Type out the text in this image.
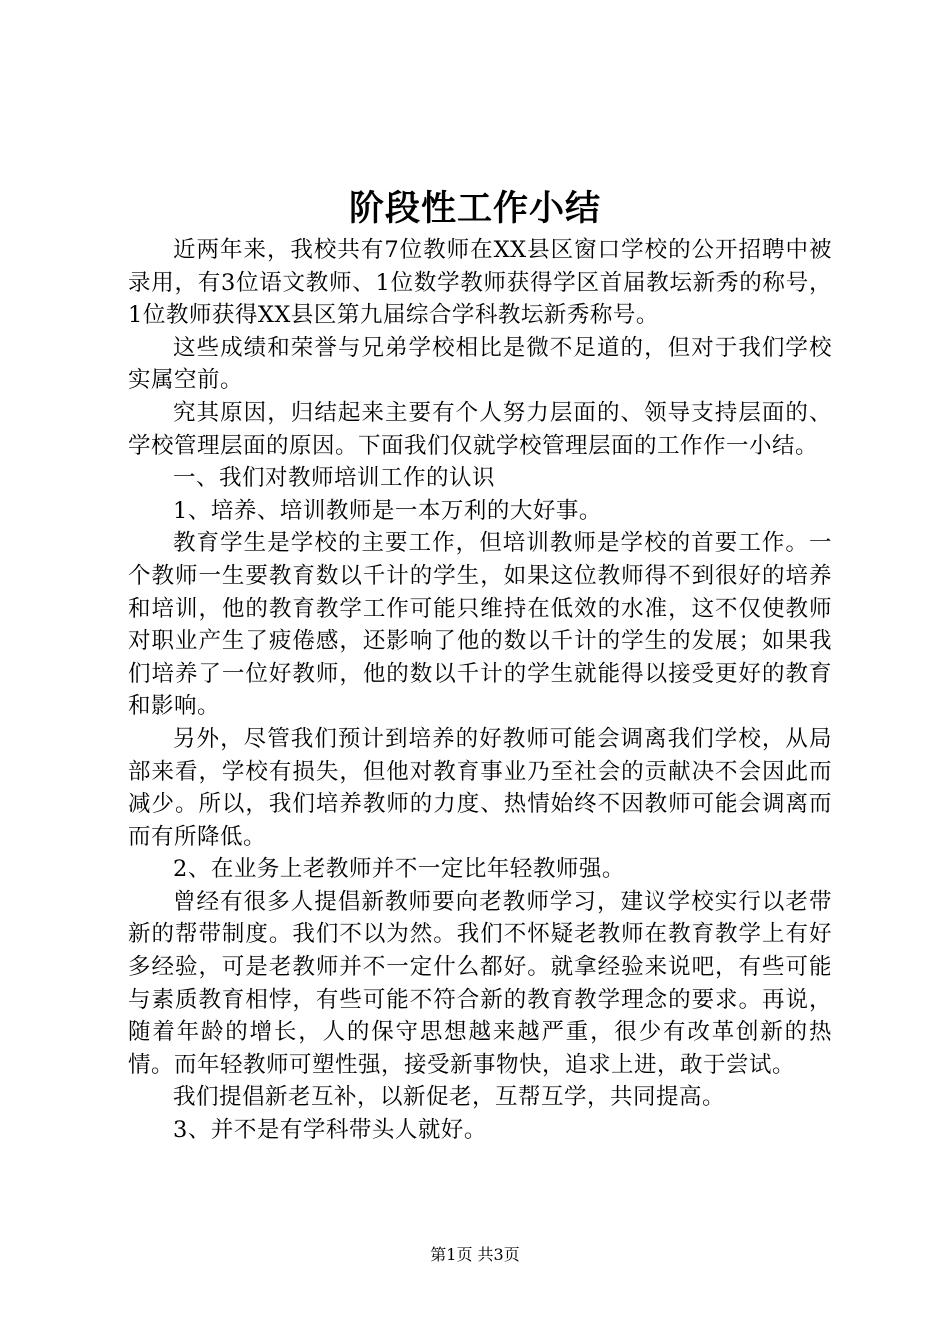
阶段性工作小结

近两年来，我校共有7位教师在XX县区窗口学校的公开招聘中被录用，有3位语文教师、1位数学教师获得学区首届教坛新秀的称号，1位教师获得XX县区第九届综合学科教坛新秀称号。

这些成绩和荣誉与兄弟学校相比是微不足道的，但对于我们学校实属空前。

究其原因，归结起来主要有个人努力层面的、领导支持层面的、学校管理层面的原因。下面我们仅就学校管理层面的工作作一小结。

一、我们对教师培训工作的认识

1、培养、培训教师是一本万利的大好事。

教育学生是学校的主要工作，但培训教师是学校的首要工作。一个教师一生要教育数以千计的学生，如果这位教师得不到很好的培养和培训，他的教育教学工作可能只维持在低效的水准，这不仅使教师对职业产生了疲倦感，还影响了他的数以千计的学生的发展；如果我们培养了一位好教师，他的数以千计的学生就能得以接受更好的教育和影响。

另外，尽管我们预计到培养的好教师可能会调离我们学校，从局部来看，学校有损失，但他对教育事业乃至社会的贡献决不会因此而减少。所以，我们培养教师的力度、热情始终不因教师可能会调离而而有所降低。

2、在业务上老教师并不一定比年轻教师强。

曾经有很多人提倡新教师要向老教师学习，建议学校实行以老带新的帮带制度。我们不以为然。我们不怀疑老教师在教育教学上有好多经验，可是老教师并不一定什么都好。就拿经验来说吧，有些可能与素质教育相悖，有些可能不符合新的教育教学理念的要求。再说，随着年龄的增长，人的保守思想越来越严重，很少有改革创新的热情。而年轻教师可塑性强，接受新事物快，追求上进，敢于尝试。

我们提倡新老互补，以新促老，互帮互学，共同提高。

3、并不是有学科带头人就好。

第1页 共3页
